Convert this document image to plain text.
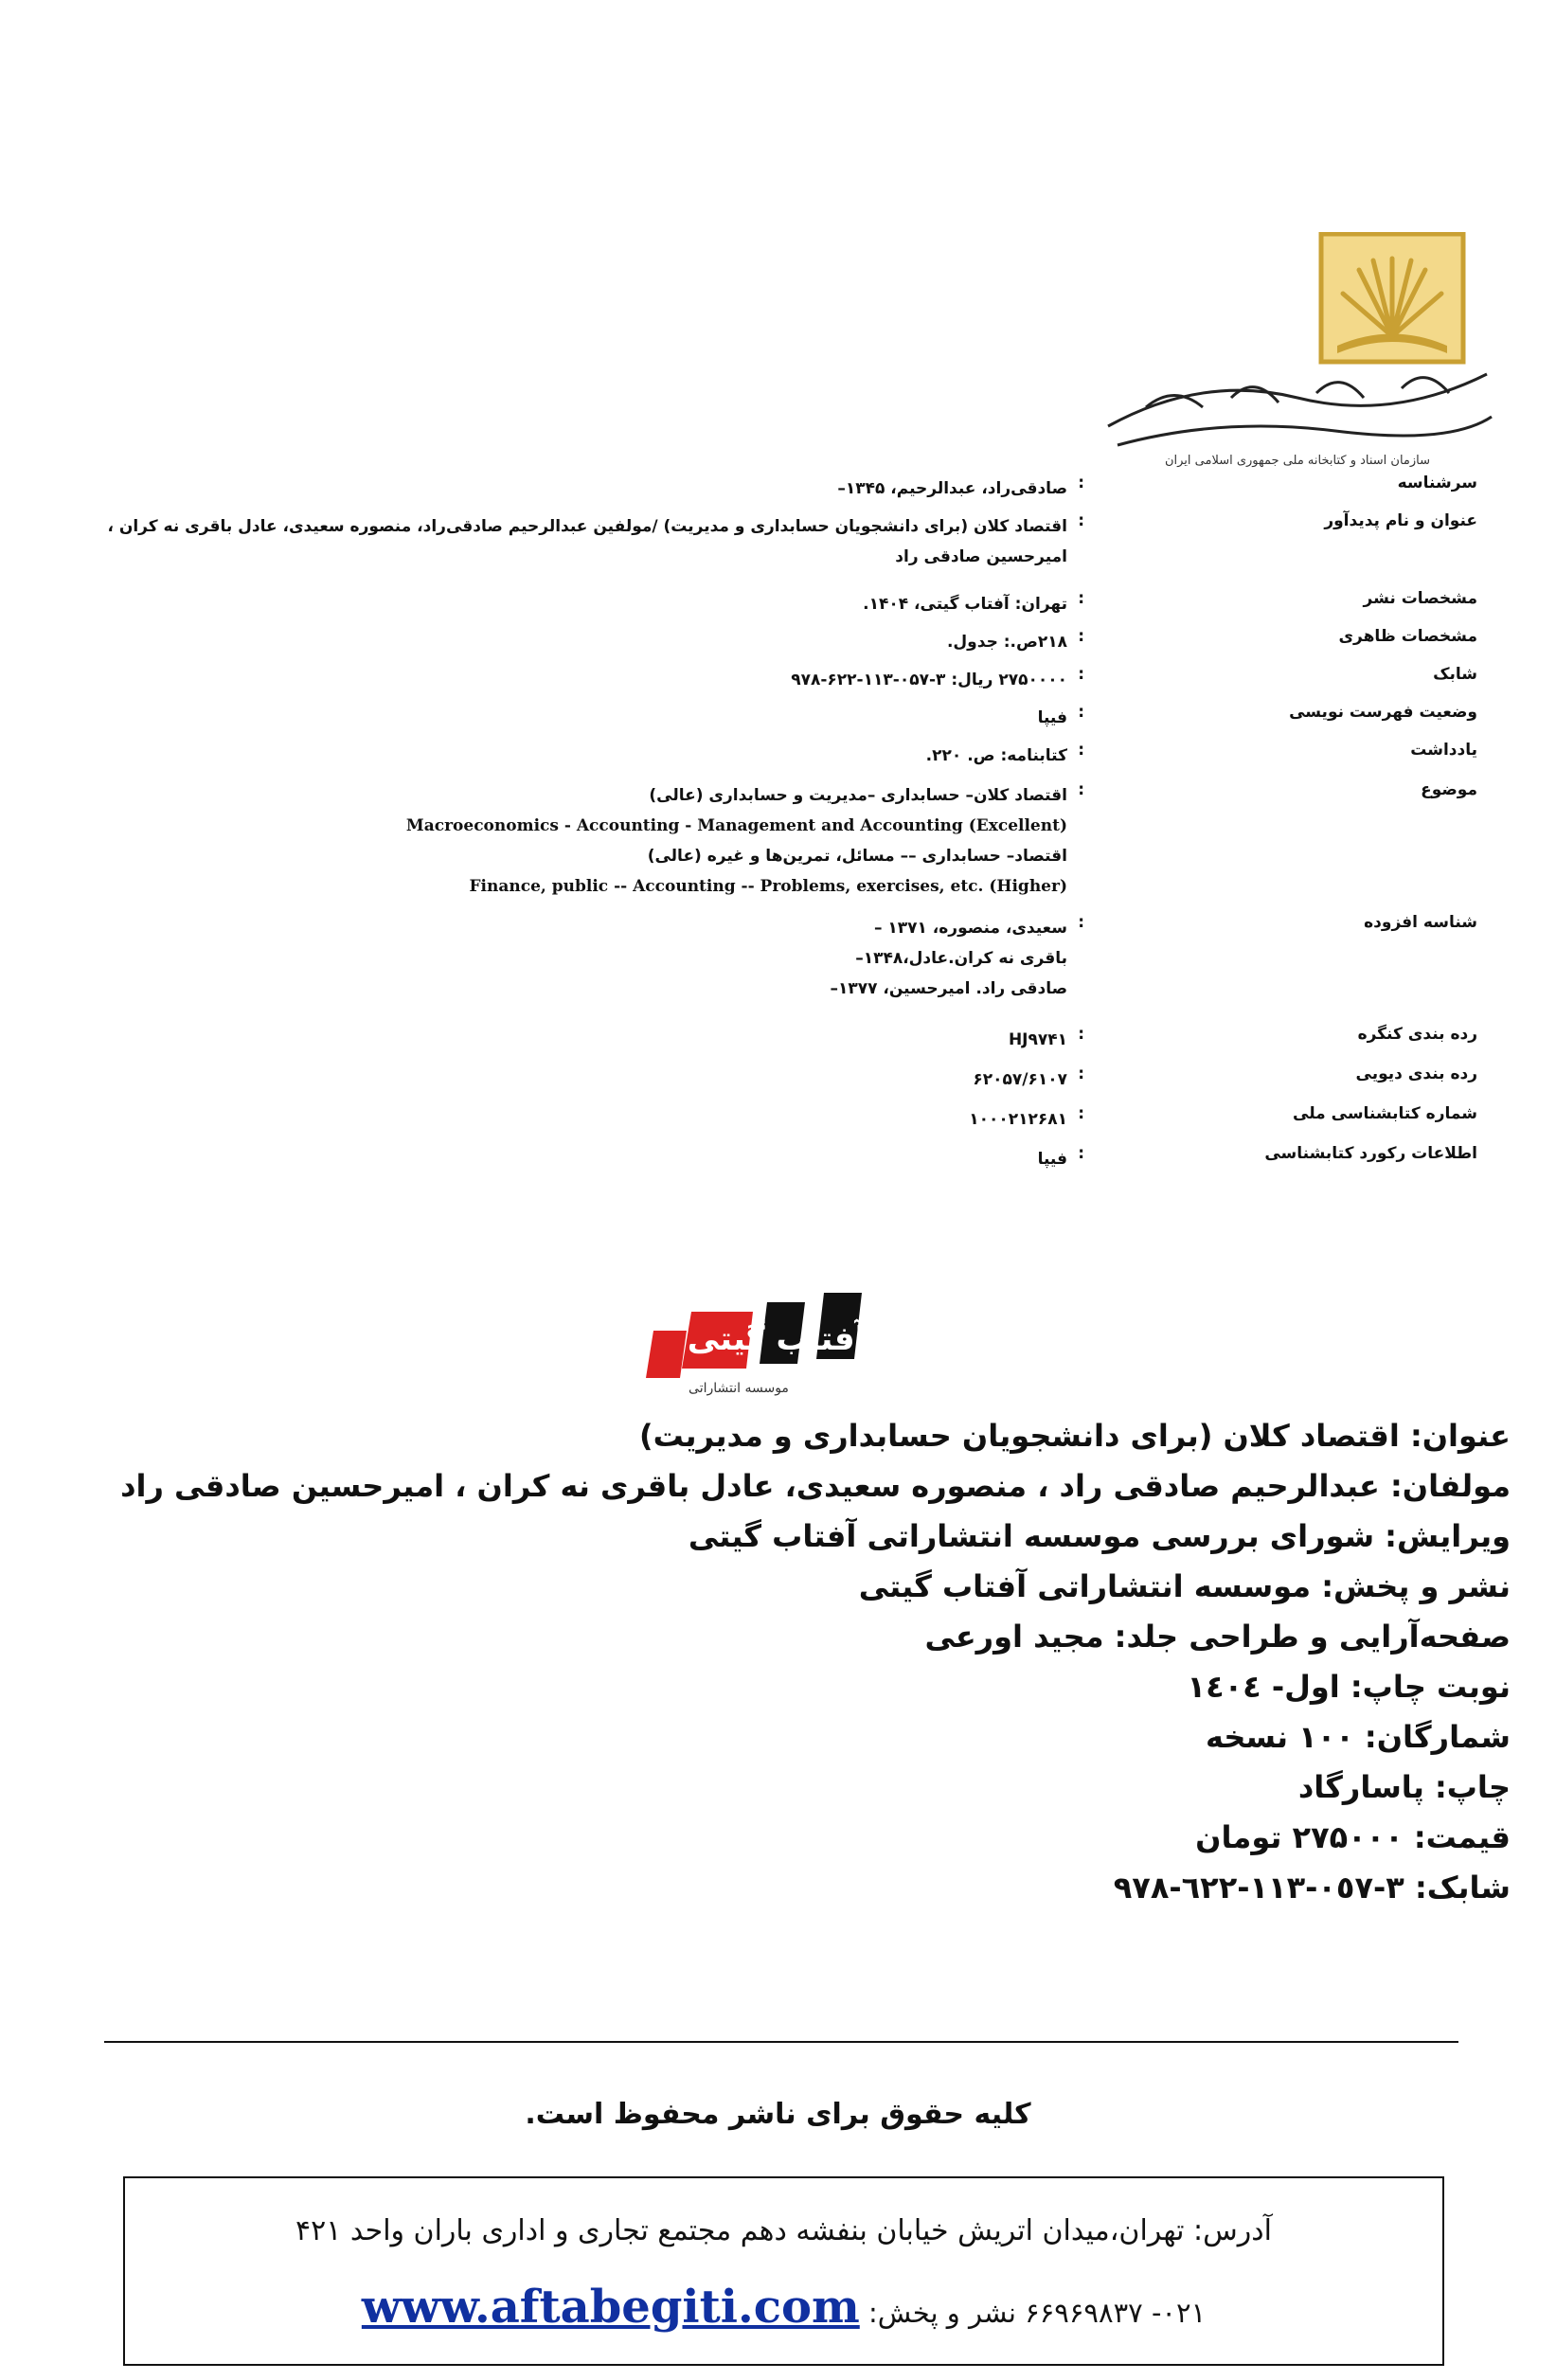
سازمان اسناد و کتابخانه ملی جمهوری اسلامی ایران
سرشناسه
:
صادقی‌راد، عبدالرحیم، ۱۳۴۵–
عنوان و نام پدیدآور
:
اقتصاد کلان (برای دانشجویان حسابداری و مدیریت) /مولفین عبدالرحیم صادقی‌راد، منصوره سعیدی، عادل باقری نه کران ، امیرحسین صادقی راد
مشخصات نشر
:
تهران: آفتاب گیتی، ۱۴۰۴.
مشخصات ظاهری
:
۲۱۸ص.: جدول.
شابک
:
۲۷۵۰۰۰۰ ریال: ۳-۰۵۷-۱۱۳-۶۲۲-۹۷۸
وضعیت فهرست نویسی
:
فیپا
یادداشت
:
کتابنامه: ص. ۲۲۰.
موضوع
:
اقتصاد کلان– حسابداری –مدیریت و حسابداری (عالی)
Macroeconomics - Accounting - Management and Accounting (Excellent)
اقتصاد– حسابداری –– مسائل، تمرین‌ها و غیره (عالی)
Finance, public -- Accounting -- Problems, exercises, etc. (Higher)
شناسه افزوده
:
سعیدی، منصوره، ۱۳۷۱ –
باقری نه کران.عادل،۱۳۴۸–
صادقی راد. امیرحسین، ۱۳۷۷–
رده بندی کنگره
:
HJ۹۷۴۱
رده بندی دیویی
:
۶۲۰۵۷/۶۱۰۷
شماره کتابشناسی ملی
:
۱۰۰۰۲۱۲۶۸۱
اطلاعات رکورد کتابشناسی
:
فیپا
آفتاب گیتی
موسسه انتشاراتی
عنوان: اقتصاد کلان (برای دانشجویان حسابداری و مدیریت)
مولفان: عبدالرحیم صادقی راد ، منصوره سعیدی، عادل باقری نه کران ، امیرحسین صادقی راد
ویرایش: شورای بررسی موسسه انتشاراتی آفتاب گیتی
نشر و پخش: موسسه انتشاراتی آفتاب گیتی
صفحه‌آرایی و طراحی جلد: مجید اورعی
نوبت چاپ: اول- ١٤٠٤
شمارگان: ١٠٠ نسخه
چاپ: پاسارگاد
قیمت: ۲۷۵۰۰۰ تومان
شابک: ٣-٠٥٧-١١٣-٦٢٢-٩٧٨
کلیه حقوق برای ناشر محفوظ است.
آدرس: تهران،میدان اتریش خیابان بنفشه دهم مجتمع تجاری و اداری باران واحد ۴۲۱
۰۲۱- ۶۶۹۶۹۸۳۷ نشر و پخش: www.aftabegiti.com
